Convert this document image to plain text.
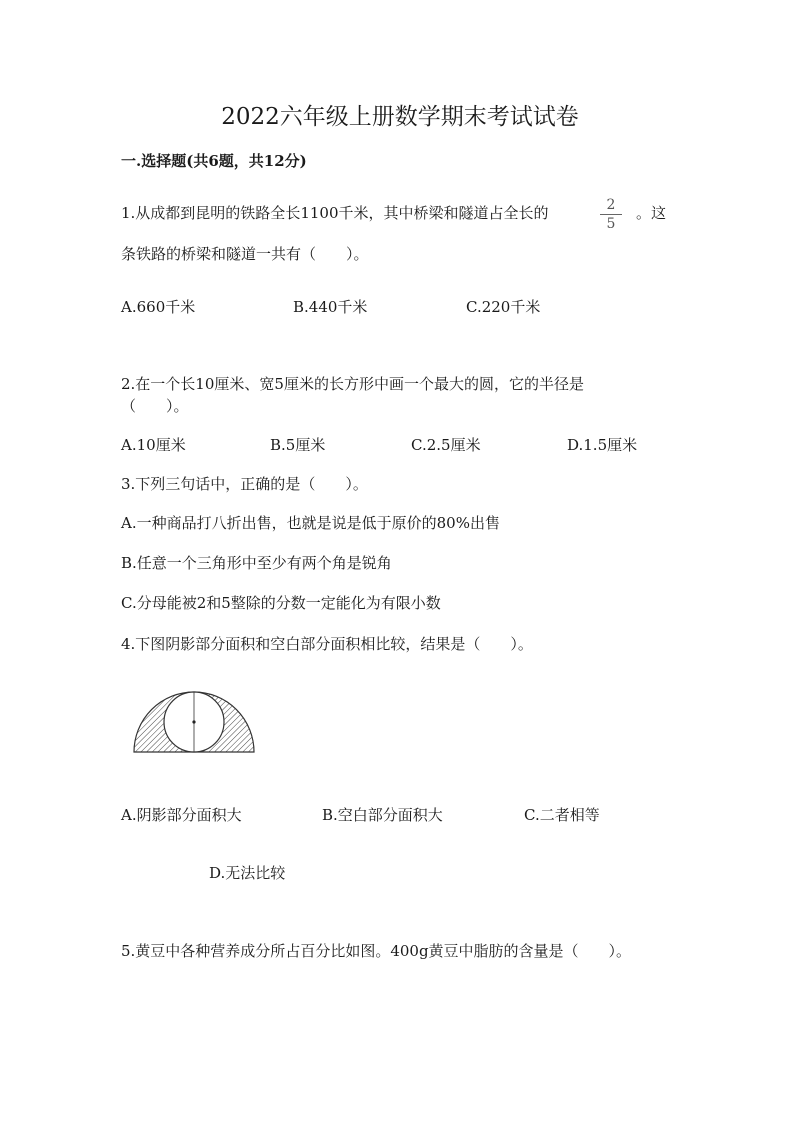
2022六年级上册数学期末考试试卷
一.选择题(共6题，共12分)
1.从成都到昆明的铁路全长1100千米，其中桥梁和隧道占全长的	$\frac{2}{5}$ 。这
条铁路的桥梁和隧道一共有（　　）。
A.660千米	B.440千米	C.220千米
2.在一个长10厘米、宽5厘米的长方形中画一个最大的圆，它的半径是
（　　）。
A.10厘米	B.5厘米	C.2.5厘米	D.1.5厘米
3.下列三句话中，正确的是（　　）。
A.一种商品打八折出售，也就是说是低于原价的80%出售
B.任意一个三角形中至少有两个角是锐角
C.分母能被2和5整除的分数一定能化为有限小数
4.下图阴影部分面积和空白部分面积相比较，结果是（　　）。
A.阴影部分面积大	B.空白部分面积大	C.二者相等
D.无法比较
5.黄豆中各种营养成分所占百分比如图。400g黄豆中脂肪的含量是（　　）。
